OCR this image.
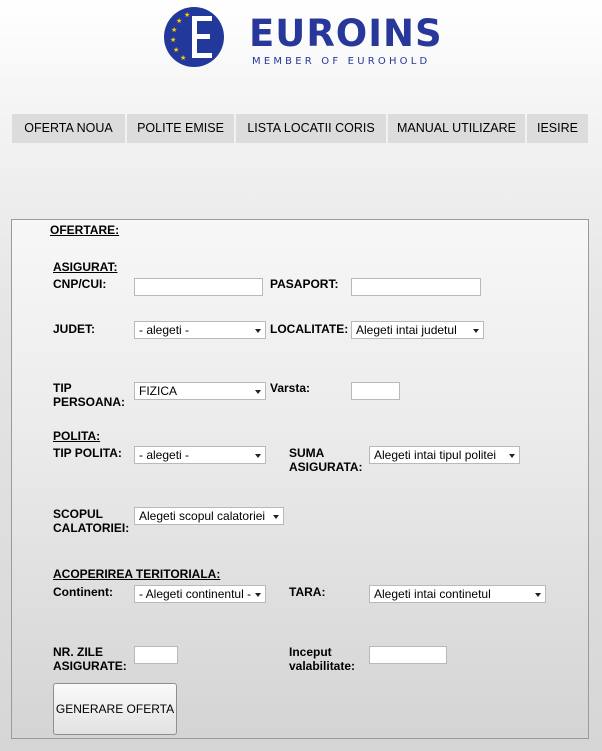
★
★
★
★
★
★
EUROINS
MEMBER OF EUROHOLD
OFERTA NOUA	POLITE EMISE	LISTA LOCATII CORIS	MANUAL UTILIZARE	IESIRE
OFERTARE:
ASIGURAT:
CNP/CUI:	PASAPORT:
JUDET:	- alegeti -	LOCALITATE: Alegeti intai judetul
TIP
PERSOANA:
FIZICA	Varsta:
POLITA:
TIP POLITA:	- alegeti -	SUMA
ASIGURATA:
Alegeti intai tipul politei
SCOPUL
CALATORIEI:
Alegeti scopul calatoriei
ACOPERIREA TERITORIALA:
Continent:	- Alegeti continentul -	TARA:	Alegeti intai continetul
NR. ZILE
ASIGURATE:
Inceput
valabilitate:
GENERARE OFERTA
